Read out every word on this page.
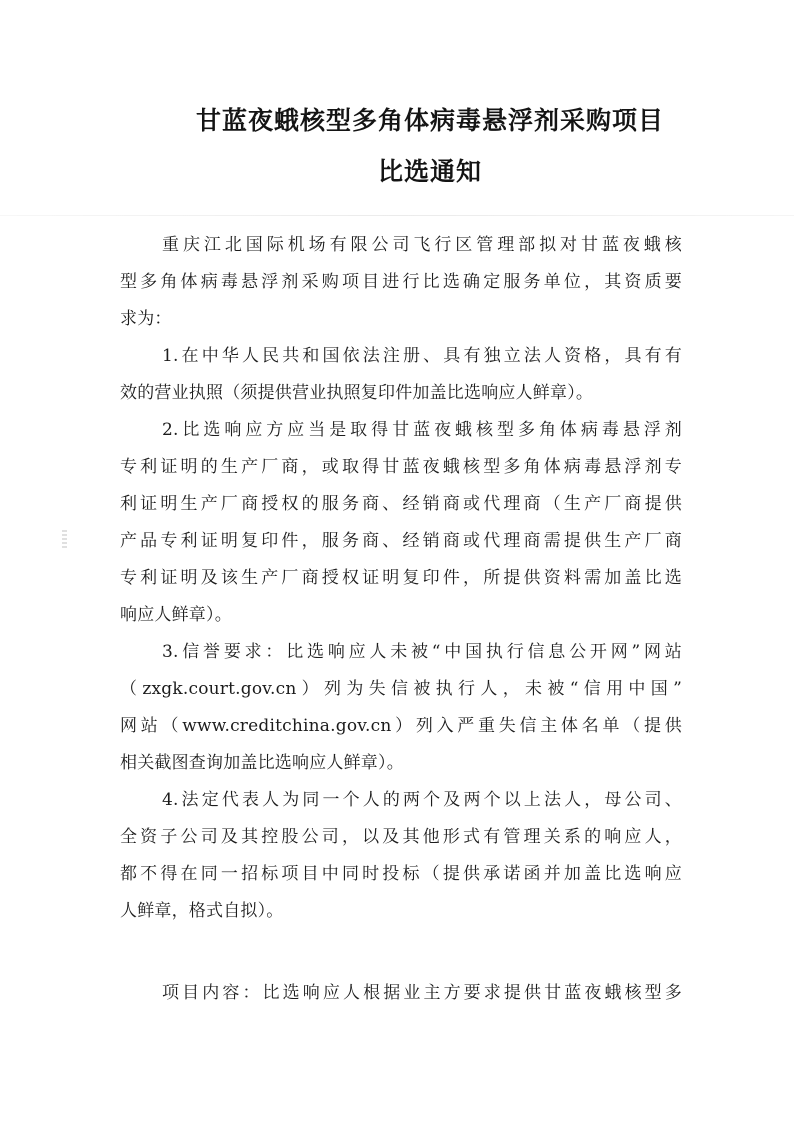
甘蓝夜蛾核型多角体病毒悬浮剂采购项目
比选通知
重庆江北国际机场有限公司飞行区管理部拟对甘蓝夜蛾核
型多角体病毒悬浮剂采购项目进行比选确定服务单位，其资质要
求为：
1.在中华人民共和国依法注册、具有独立法人资格，具有有
效的营业执照（须提供营业执照复印件加盖比选响应人鲜章）。
2.比选响应方应当是取得甘蓝夜蛾核型多角体病毒悬浮剂
专利证明的生产厂商，或取得甘蓝夜蛾核型多角体病毒悬浮剂专
利证明生产厂商授权的服务商、经销商或代理商（生产厂商提供
产品专利证明复印件，服务商、经销商或代理商需提供生产厂商
专利证明及该生产厂商授权证明复印件，所提供资料需加盖比选
响应人鲜章）。
3.信誉要求：比选响应人未被“中国执行信息公开网”网站
（zxgk.court.gov.cn）列为失信被执行人，未被“信用中国”
网站（www.creditchina.gov.cn）列入严重失信主体名单（提供
相关截图查询加盖比选响应人鲜章）。
4.法定代表人为同一个人的两个及两个以上法人，母公司、
全资子公司及其控股公司，以及其他形式有管理关系的响应人，
都不得在同一招标项目中同时投标（提供承诺函并加盖比选响应
人鲜章，格式自拟）。
项目内容：比选响应人根据业主方要求提供甘蓝夜蛾核型多
